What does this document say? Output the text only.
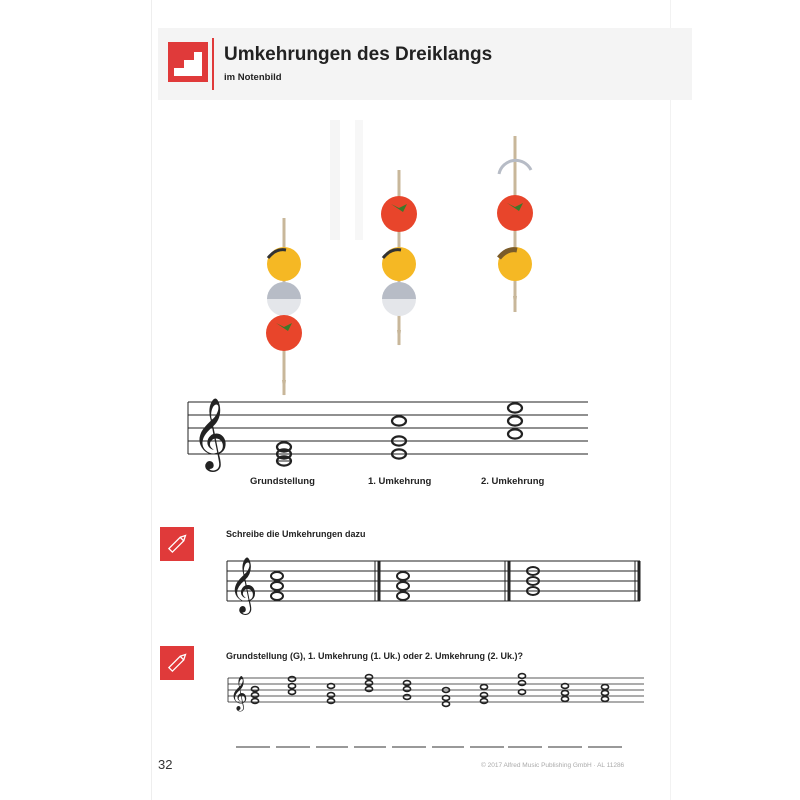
Umkehrungen des Dreiklangs
im Notenbild
𝄞
𝄞
𝄞
Grundstellung	1. Umkehrung	2. Umkehrung
Schreibe die Umkehrungen dazu
Grundstellung (G), 1. Umkehrung (1. Uk.) oder 2. Umkehrung (2. Uk.)?
32	© 2017 Alfred Music Publishing GmbH · AL 11286
